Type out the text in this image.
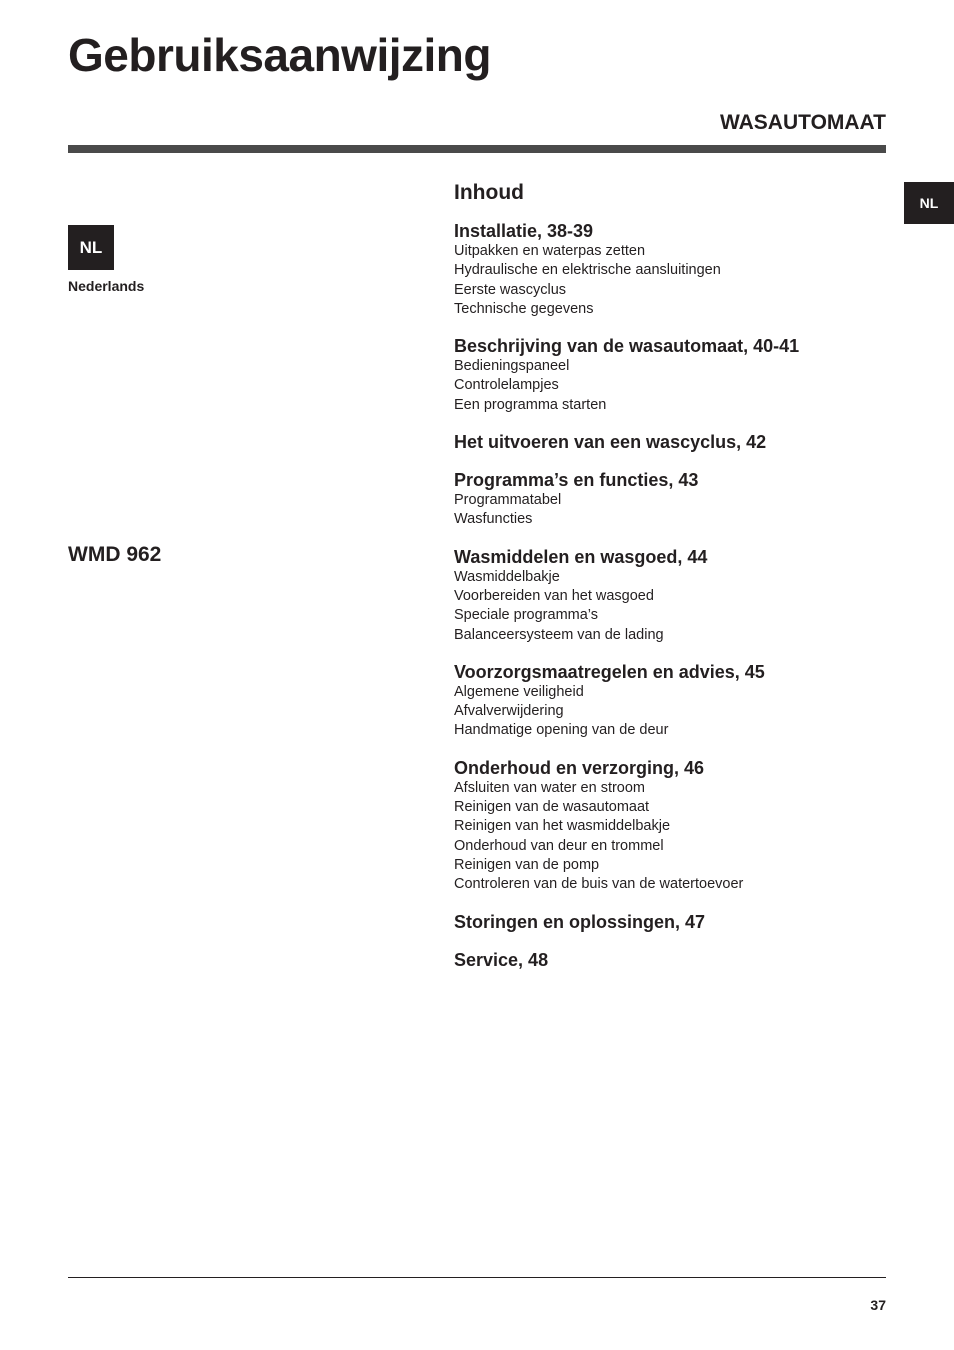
Gebruiksaanwijzing
WASAUTOMAAT
NL
Nederlands
WMD 962
NL
Inhoud
Installatie, 38-39
Uitpakken en waterpas zetten
Hydraulische en elektrische aansluitingen
Eerste wascyclus
Technische gegevens
Beschrijving van de wasautomaat, 40-41
Bedieningspaneel
Controlelampjes
Een programma starten
Het uitvoeren van een wascyclus, 42
Programma’s en functies, 43
Programmatabel
Wasfuncties
Wasmiddelen en wasgoed, 44
Wasmiddelbakje
Voorbereiden van het wasgoed
Speciale programma’s
Balanceersysteem van de lading
Voorzorgsmaatregelen en advies, 45
Algemene veiligheid
Afvalverwijdering
Handmatige opening van de deur
Onderhoud en verzorging, 46
Afsluiten van water en stroom
Reinigen van de wasautomaat
Reinigen van het wasmiddelbakje
Onderhoud van deur en trommel
Reinigen van de pomp
Controleren van de buis van de watertoevoer
Storingen en oplossingen, 47
Service, 48
37
